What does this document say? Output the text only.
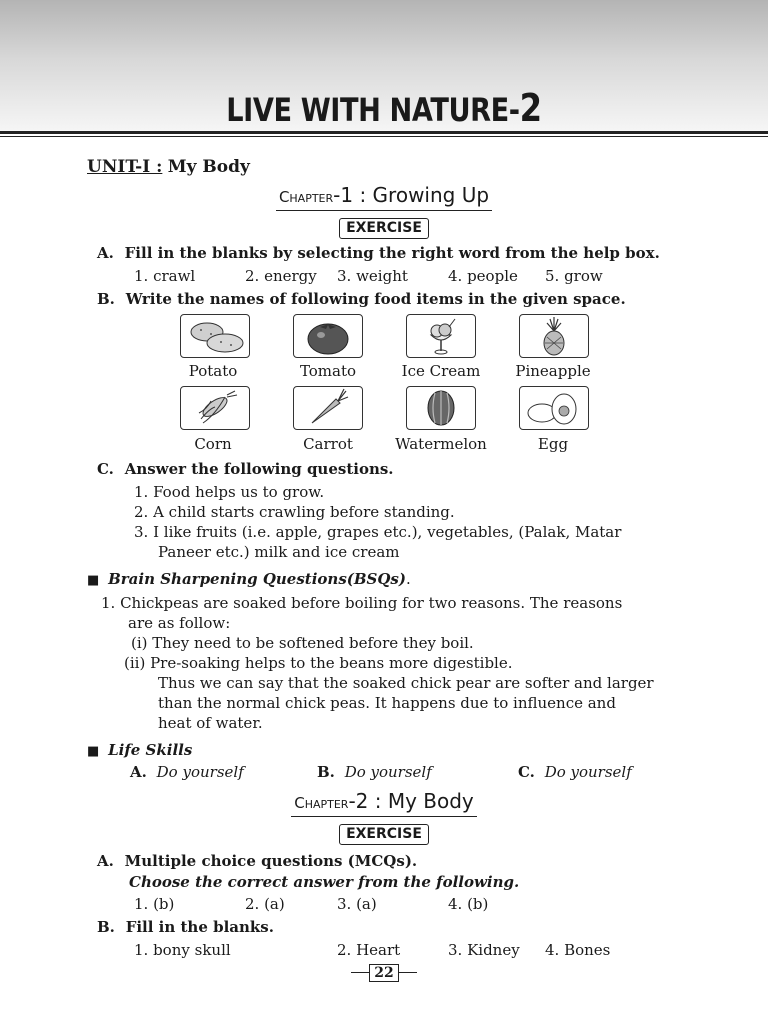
LIVE WITH NATURE-2
UNIT-I : My Body
Chapter-1 : Growing Up
EXERCISE
A. Fill in the blanks by selecting the right word from the help box.
1. crawl	2. energy 3. weight	4. people 5. grow
B. Write the names of following food items in the given space.
Potato	Tomato	Ice Cream	Pineapple
Corn	Carrot	Watermelon	Egg
C. Answer the following questions.
1. Food helps us to grow.
2. A child starts crawling before standing.
3. I like fruits (i.e. apple, grapes etc.), vegetables, (Palak, Matar
Paneer etc.) milk and ice cream
■ Brain Sharpening Questions(BSQs).
1. Chickpeas are soaked before boiling for two reasons. The reasons
are as follow:
(i) They need to be softened before they boil.
(ii) Pre-soaking helps to the beans more digestible.
Thus we can say that the soaked chick pear are softer and larger
than the normal chick peas. It happens due to influence and
heat of water.
■ Life Skills
A. Do yourself	B. Do yourself	C. Do yourself
Chapter-2 : My Body
EXERCISE
A. Multiple choice questions (MCQs).
Choose the correct answer from the following.
1. (b)	2. (a)	3. (a)	4. (b)
B. Fill in the blanks.
1. bony skull	2. Heart	3. Kidney 4. Bones
22
